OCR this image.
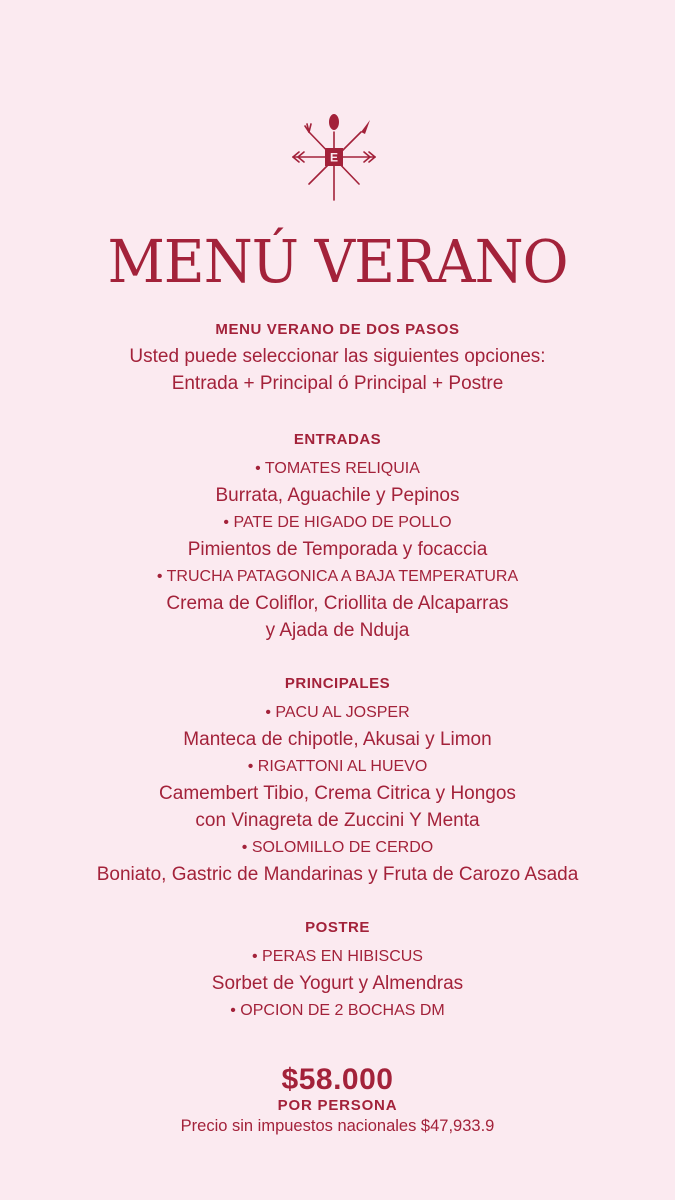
E
MENÚ VERANO
MENU VERANO DE DOS PASOS
Usted puede seleccionar las siguientes opciones:
Entrada + Principal ó Principal + Postre
ENTRADAS
• TOMATES RELIQUIA
Burrata, Aguachile y Pepinos
• PATE DE HIGADO DE POLLO
Pimientos de Temporada y focaccia
• TRUCHA PATAGONICA A BAJA TEMPERATURA
Crema de Coliflor, Criollita de Alcaparras
y Ajada de Nduja
PRINCIPALES
• PACU AL JOSPER
Manteca de chipotle, Akusai y Limon
• RIGATTONI AL HUEVO
Camembert Tibio, Crema Citrica y Hongos
con Vinagreta de Zuccini Y Menta
• SOLOMILLO DE CERDO
Boniato, Gastric de Mandarinas y Fruta de Carozo Asada
POSTRE
• PERAS EN HIBISCUS
Sorbet de Yogurt y Almendras
• OPCION DE 2 BOCHAS DM
$58.000
POR PERSONA
Precio sin impuestos nacionales $47,933.9
